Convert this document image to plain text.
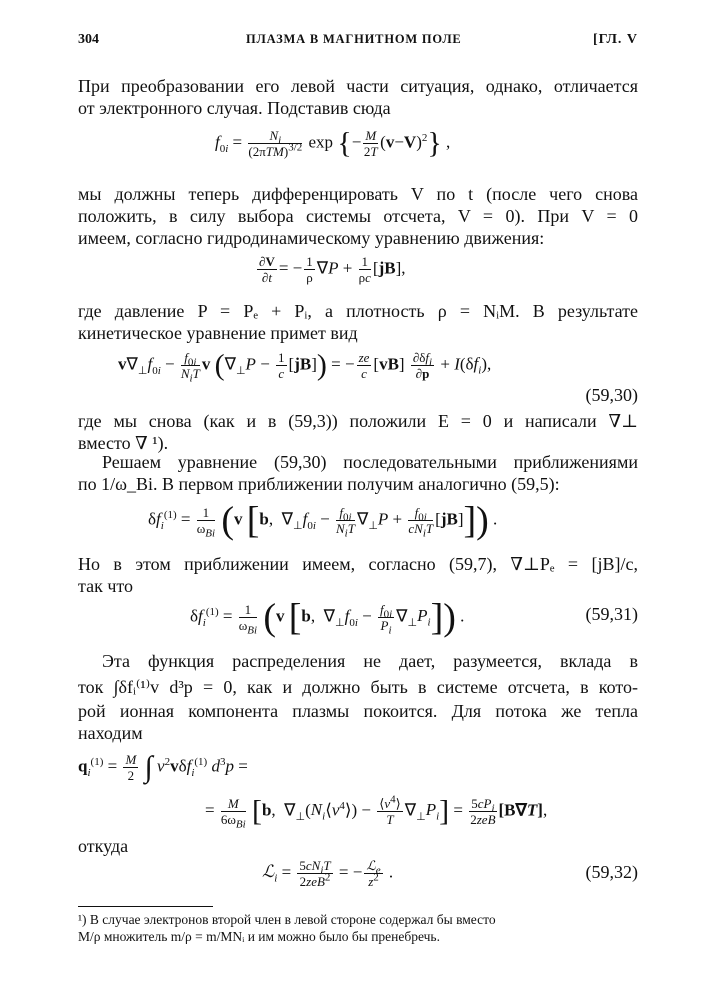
304	ПЛАЗМА В МАГНИТНОМ ПОЛЕ	[ГЛ. V
При преобразовании его левой части ситуация, однако, отличается
от электронного случая. Подставив сюда
$f_{0i} = \frac{N_i}{(2\pi TM)^{3/2}}$ exp {− $\frac{M}{2T} (v-V)^2$} ,
мы должны теперь дифференцировать V по t (после чего снова
положить, в силу выбора системы отсчета, V = 0). При V = 0
имеем, согласно гидродинамическому уравнению движения:
$\frac{\partial V}{\partial t}$ = − $\frac{1}{\rho} \nabla P + \frac{1}{\rho c} [jB]$,
где давление P = Pₑ + Pᵢ, а плотность ρ = NᵢM. В результате
кинетическое уравнение примет вид
$v\nabla_\perp f_{0i} - \frac{f_{0i}}{N_iT}$ v $(\nabla_\perp P - \frac{1}{c} [jB])$ = − $\frac{ze}{c} [vB] \frac{\partial\delta f_i}{\partial p} + I(\delta f_i)$,
(59,30)
где мы снова (как и в (59,3)) положили E = 0 и написали ∇⊥
вместо ∇ ¹).
Решаем уравнение (59,30) последовательными приближениями
по 1/ω_Bi. В первом приближении получим аналогично (59,5):
$\delta f_i^{(1)} = \frac{1}{\omega_{Bi}} (v$ [b,  $\nabla_\perp f_{0i} - \frac{f_{0i}}{N_iT} \nabla_\perp P + \frac{f_{0i}}{cN_iT} [jB]$]) .
Но в этом приближении имеем, согласно (59,7), ∇⊥Pₑ = [jB]/c,
так что
$\delta f_i^{(1)} = \frac{1}{\omega_{Bi}} (v$ [b,  $\nabla_\perp f_{0i} - \frac{f_{0i}}{P_i} \nabla_\perp P_i$]) .	(59,31)
Эта функция распределения не дает, разумеется, вклада в
ток ∫δfᵢ⁽¹⁾v d³p = 0, как и должно быть в системе отсчета, в кото-
рой ионная компонента плазмы покоится. Для потока же тепла
находим
$q_i^{(1)} = \frac{M}{2}$ ∫ $v^2v\delta f_i^{(1)}$ $d^3p$ =
= $\frac{M}{6\omega_{Bi}} [b$,  $\nabla_\perp(N_i⟨v^4⟩) - \frac{⟨v^4⟩}{T} \nabla_\perp P_i] = \frac{5cP_i}{\text{2zeB}} [B\nabla T]$,
откуда
ℒ$_i$ = $\frac{5cN_iT}{2zeB^2}$ = − $\frac{ℒ_e}{z^2}$ .	(59,32)
¹) В случае электронов второй член в левой стороне содержал бы вместо
M/ρ множитель m/ρ = m/MNᵢ и им можно было бы пренебречь.
